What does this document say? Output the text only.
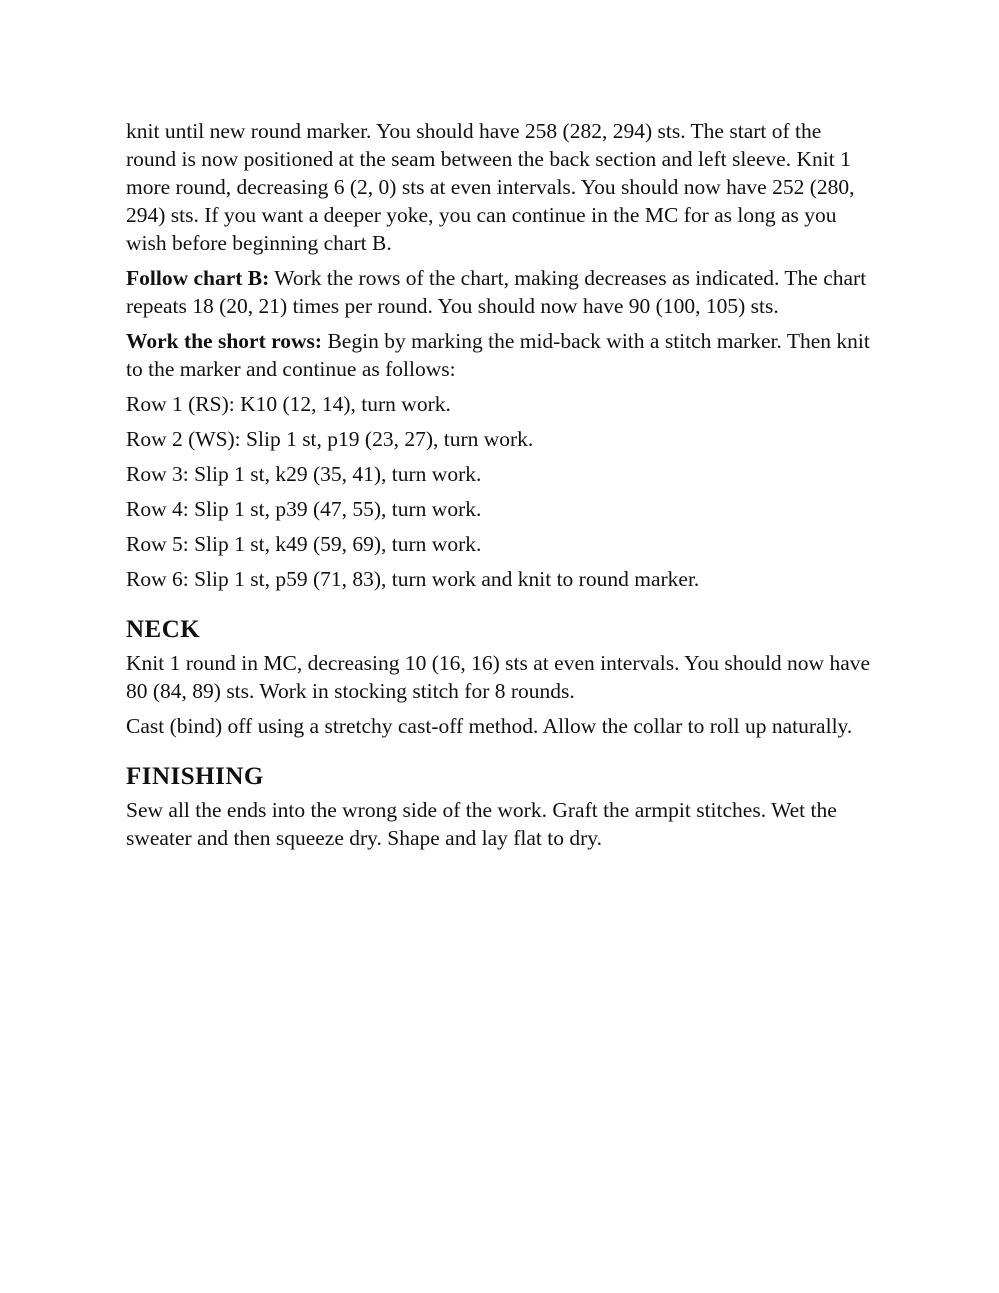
knit until new round marker. You should have 258 (282, 294) sts. The start of the round is now positioned at the seam between the back section and left sleeve. Knit 1 more round, decreasing 6 (2, 0) sts at even intervals. You should now have 252 (280, 294) sts. If you want a deeper yoke, you can continue in the MC for as long as you wish before beginning chart B.

Follow chart B: Work the rows of the chart, making decreases as indicated. The chart repeats 18 (20, 21) times per round. You should now have 90 (100, 105) sts.

Work the short rows: Begin by marking the mid-back with a stitch marker. Then knit to the marker and continue as follows:

Row 1 (RS): K10 (12, 14), turn work.

Row 2 (WS): Slip 1 st, p19 (23, 27), turn work.

Row 3: Slip 1 st, k29 (35, 41), turn work.

Row 4: Slip 1 st, p39 (47, 55), turn work.

Row 5: Slip 1 st, k49 (59, 69), turn work.

Row 6: Slip 1 st, p59 (71, 83), turn work and knit to round marker.

NECK

Knit 1 round in MC, decreasing 10 (16, 16) sts at even intervals. You should now have 80 (84, 89) sts. Work in stocking stitch for 8 rounds.

Cast (bind) off using a stretchy cast-off method. Allow the collar to roll up naturally.

FINISHING

Sew all the ends into the wrong side of the work. Graft the armpit stitches. Wet the sweater and then squeeze dry. Shape and lay flat to dry.
